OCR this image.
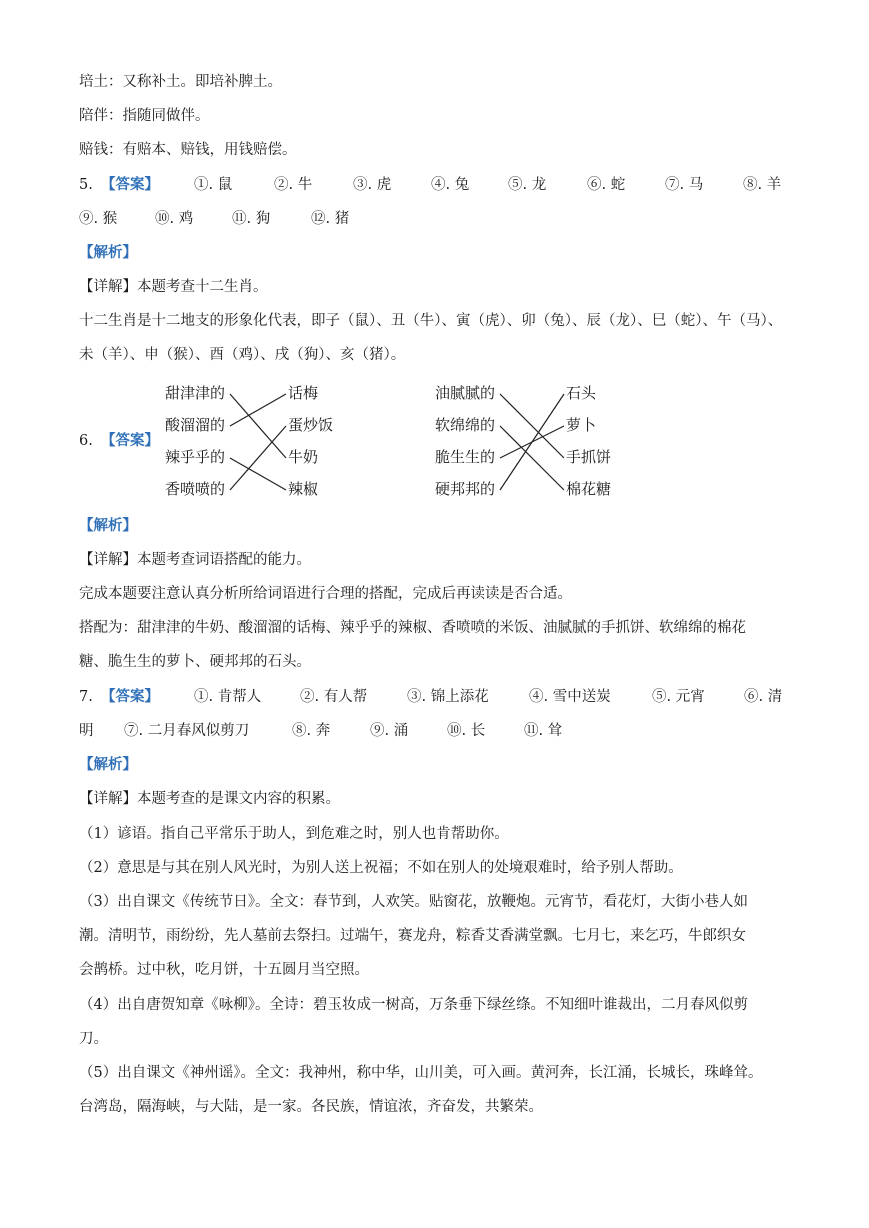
培土：又称补土。即培补脾土。
陪伴：指随同做伴。
赔钱：有赔本、赔钱，用钱赔偿。
5. 【答案】 ①. 鼠	②. 牛	③. 虎	④. 兔	⑤. 龙	⑥. 蛇	⑦. 马	⑧. 羊
⑨. 猴	⑩. 鸡	⑪. 狗	⑫. 猪
【解析】
【详解】本题考查十二生肖。
十二生肖是十二地支的形象化代表，即子（鼠）、丑（牛）、寅（虎）、卯（兔）、辰（龙）、巳（蛇）、午（马）、
未（羊）、申（猴）、酉（鸡）、戌（狗）、亥（猪）。
6. 【答案】
甜津津的
酸溜溜的
辣乎乎的
香喷喷的
话梅
蛋炒饭
牛奶
辣椒
油腻腻的
软绵绵的
脆生生的
硬邦邦的
石头
萝卜
手抓饼
棉花糖
【解析】
【详解】本题考查词语搭配的能力。
完成本题要注意认真分析所给词语进行合理的搭配，完成后再读读是否合适。
搭配为：甜津津的牛奶、酸溜溜的话梅、辣乎乎的辣椒、香喷喷的米饭、油腻腻的手抓饼、软绵绵的棉花
糖、脆生生的萝卜、硬邦邦的石头。
7. 【答案】 ①. 肯帮人	②. 有人帮	③. 锦上添花	④. 雪中送炭	⑤. 元宵	⑥. 清
明 ⑦. 二月春风似剪刀	⑧. 奔	⑨. 涌	⑩. 长	⑪. 耸
【解析】
【详解】本题考查的是课文内容的积累。
（1）谚语。指自己平常乐于助人，到危难之时，别人也肯帮助你。
（2）意思是与其在别人风光时，为别人送上祝福；不如在别人的处境艰难时，给予别人帮助。
（3）出自课文《传统节日》。全文：春节到，人欢笑。贴窗花，放鞭炮。元宵节，看花灯，大街小巷人如
潮。清明节，雨纷纷，先人墓前去祭扫。过端午，赛龙舟，粽香艾香满堂飘。七月七，来乞巧，牛郎织女
会鹊桥。过中秋，吃月饼，十五圆月当空照。
（4）出自唐贺知章《咏柳》。全诗：碧玉妆成一树高，万条垂下绿丝绦。不知细叶谁裁出，二月春风似剪
刀。
（5）出自课文《神州谣》。全文：我神州，称中华，山川美，可入画。黄河奔，长江涌，长城长，珠峰耸。
台湾岛，隔海峡，与大陆，是一家。各民族，情谊浓，齐奋发，共繁荣。
